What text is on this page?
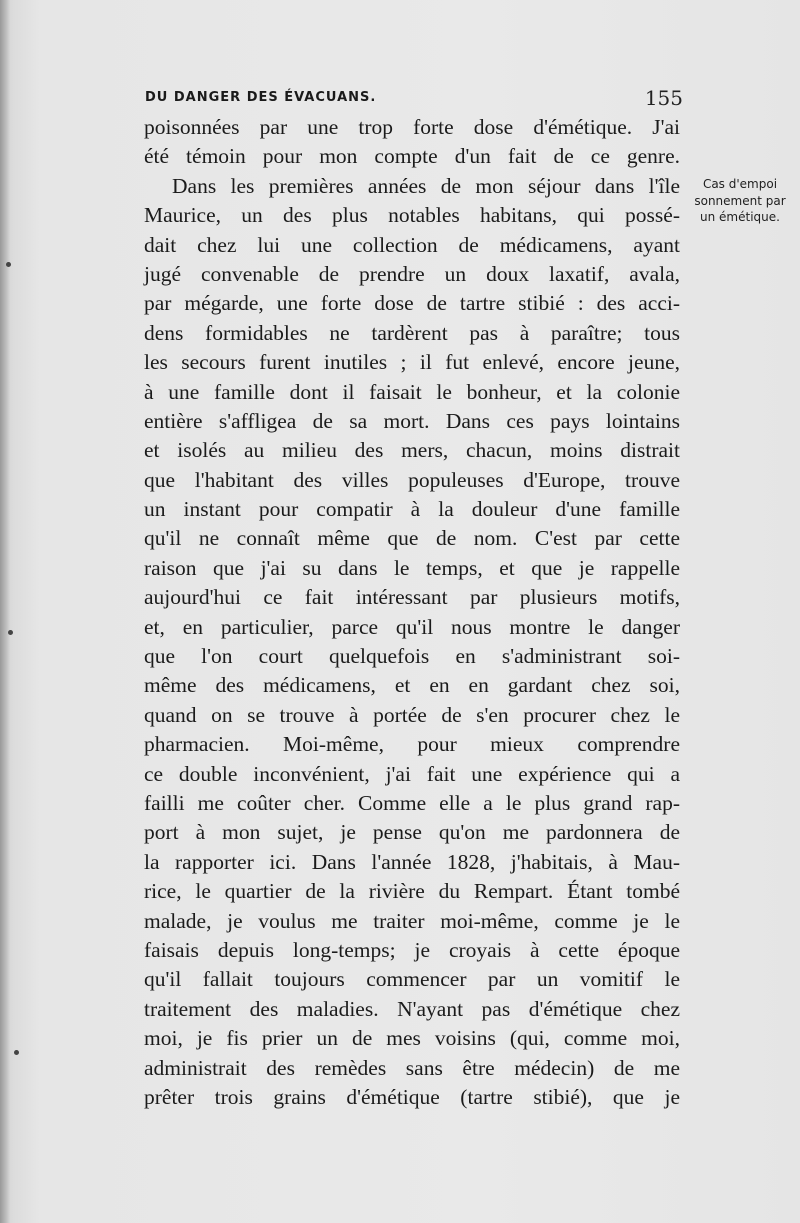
DU DANGER DES ÉVACUANS.	155
poisonnées par une trop forte dose d'émétique. J'ai
été témoin pour mon compte d'un fait de ce genre.
Dans les premières années de mon séjour dans l'île
Maurice, un des plus notables habitans, qui possé-
dait chez lui une collection de médicamens, ayant
jugé convenable de prendre un doux laxatif, avala,
par mégarde, une forte dose de tartre stibié : des acci-
dens formidables ne tardèrent pas à paraître; tous
les secours furent inutiles ; il fut enlevé, encore jeune,
à une famille dont il faisait le bonheur, et la colonie
entière s'affligea de sa mort. Dans ces pays lointains
et isolés au milieu des mers, chacun, moins distrait
que l'habitant des villes populeuses d'Europe, trouve
un instant pour compatir à la douleur d'une famille
qu'il ne connaît même que de nom. C'est par cette
raison que j'ai su dans le temps, et que je rappelle
aujourd'hui ce fait intéressant par plusieurs motifs,
et, en particulier, parce qu'il nous montre le danger
que l'on court quelquefois en s'administrant soi-
même des médicamens, et en en gardant chez soi,
quand on se trouve à portée de s'en procurer chez le
pharmacien. Moi-même, pour mieux comprendre
ce double inconvénient, j'ai fait une expérience qui a
failli me coûter cher. Comme elle a le plus grand rap-
port à mon sujet, je pense qu'on me pardonnera de
la rapporter ici. Dans l'année 1828, j'habitais, à Mau-
rice, le quartier de la rivière du Rempart. Étant tombé
malade, je voulus me traiter moi-même, comme je le
faisais depuis long-temps; je croyais à cette époque
qu'il fallait toujours commencer par un vomitif le
traitement des maladies. N'ayant pas d'émétique chez
moi, je fis prier un de mes voisins (qui, comme moi,
administrait des remèdes sans être médecin) de me
prêter trois grains d'émétique (tartre stibié), que je
Cas d'empoi
sonnement par
un émétique.
